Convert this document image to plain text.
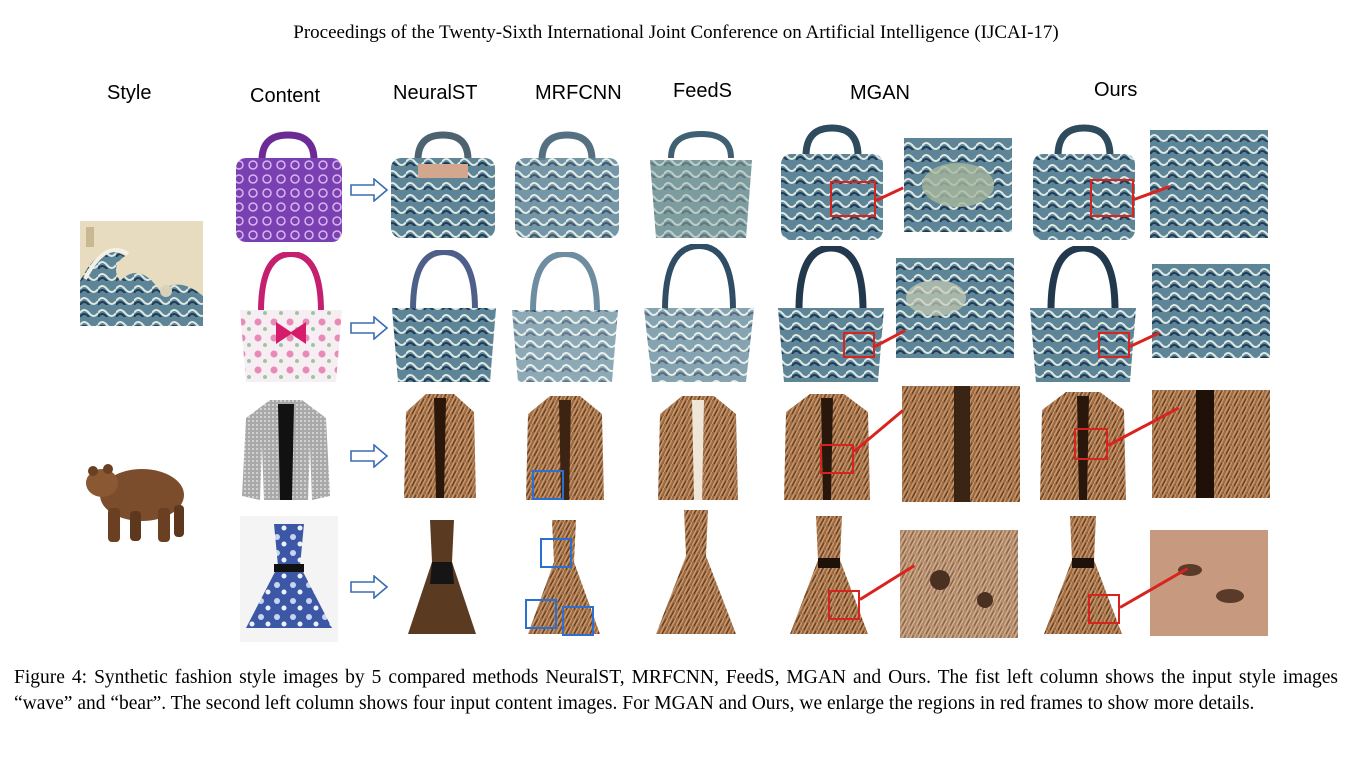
Proceedings of the Twenty-Sixth International Joint Conference on Artificial Intelligence (IJCAI-17)
Style	Content	NeuralST	MRFCNN	FeedS	MGAN	Ours
Figure 4: Synthetic fashion style images by 5 compared methods NeuralST, MRFCNN, FeedS, MGAN and Ours. The fist left column shows the input style images “wave” and “bear”. The second left column shows four input content images. For MGAN and Ours, we enlarge the regions in red frames to show more details.
